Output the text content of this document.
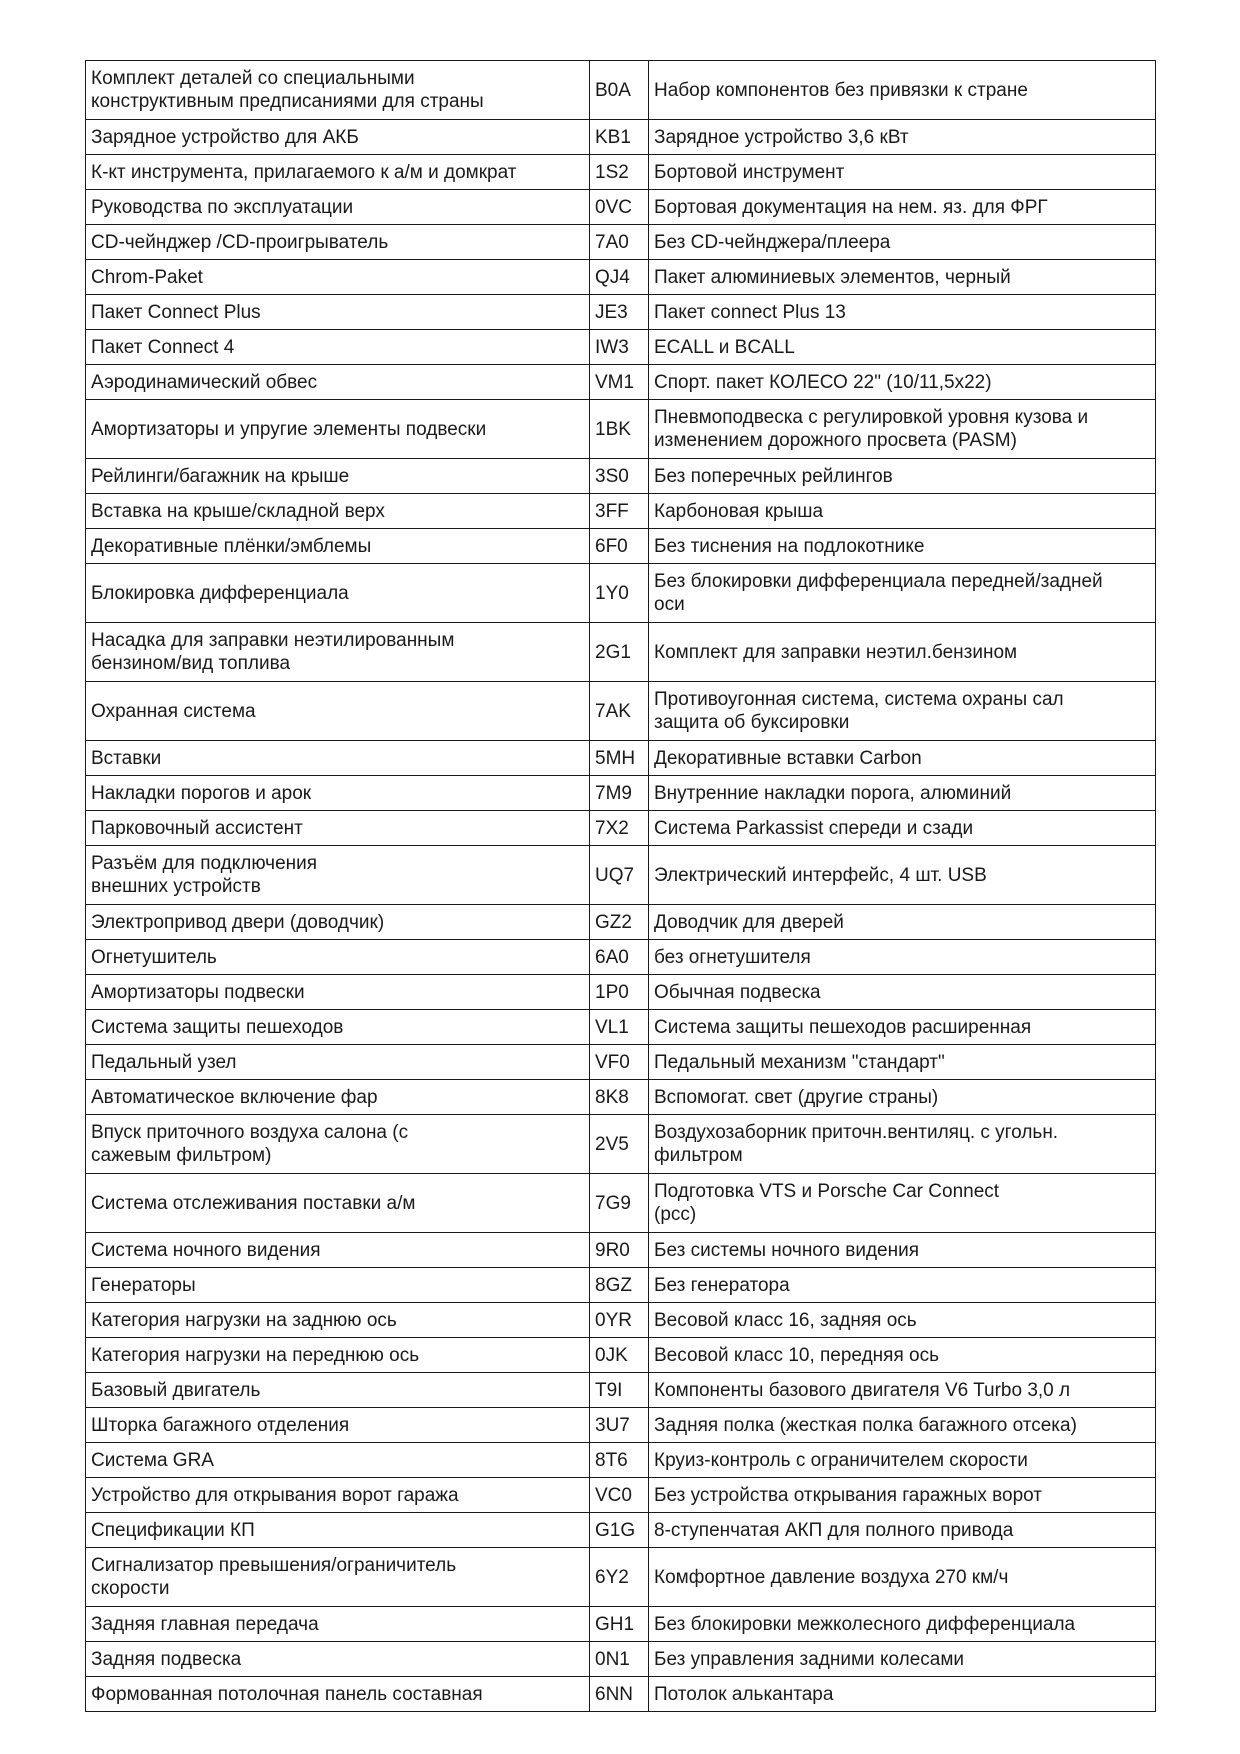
Комплект деталей со специальными
конструктивным предписаниями для страны	B0A	Набор компонентов без привязки к стране
Зарядное устройство для АКБ	KB1	Зарядное устройство 3,6 кВт
К-кт инструмента, прилагаемого к а/м и домкрат	1S2	Бортовой инструмент
Руководства по эксплуатации	0VC	Бортовая документация на нем. яз. для ФРГ
CD-чейнджер /CD-проигрыватель	7A0	Без CD-чейнджера/плеера
Chrom-Paket	QJ4	Пакет алюминиевых элементов, черный
Пакет Connect Plus	JE3	Пакет connect Plus 13
Пакет Connect 4	IW3	ECALL и BCALL
Аэродинамический обвес	VM1	Спорт. пакет КОЛЕСО 22" (10/11,5x22)
Амортизаторы и упругие элементы подвески	1BK	Пневмоподвеска с регулировкой уровня кузова и
изменением дорожного просвета (PASM)
Рейлинги/багажник на крыше	3S0	Без поперечных рейлингов
Вставка на крыше/складной верх	3FF	Карбоновая крыша
Декоративные плёнки/эмблемы	6F0	Без тиснения на подлокотнике
Блокировка дифференциала	1Y0	Без блокировки дифференциала передней/задней
оси
Насадка для заправки неэтилированным
бензином/вид топлива	2G1	Комплект для заправки неэтил.бензином
Охранная система	7AK	Противоугонная система, система охраны сал
защита об буксировки
Вставки	5MH	Декоративные вставки Carbon
Накладки порогов и арок	7M9	Внутренние накладки порога, алюминий
Парковочный ассистент	7X2	Система Parkassist спереди и сзади
Разъём для подключения
внешних устройств	UQ7	Электрический интерфейс, 4 шт. USB
Электропривод двери (доводчик)	GZ2	Доводчик для дверей
Огнетушитель	6A0	без огнетушителя
Амортизаторы подвески	1P0	Обычная подвеска
Система защиты пешеходов	VL1	Система защиты пешеходов расширенная
Педальный узел	VF0	Педальный механизм "стандарт"
Автоматическое включение фар	8K8	Вспомогат. свет (другие страны)
Впуск приточного воздуха салона (с
сажевым фильтром)	2V5	Воздухозаборник приточн.вентиляц. с угольн.
фильтром
Система отслеживания поставки а/м	7G9	Подготовка VTS и Porsche Car Connect
(pcc)
Система ночного видения	9R0	Без системы ночного видения
Генераторы	8GZ	Без генератора
Категория нагрузки на заднюю ось	0YR	Весовой класс 16, задняя ось
Категория нагрузки на переднюю ось	0JK	Весовой класс 10, передняя ось
Базовый двигатель	T9I	Компоненты базового двигателя V6 Turbo 3,0 л
Шторка багажного отделения	3U7	Задняя полка (жесткая полка багажного отсека)
Система GRA	8T6	Круиз-контроль с ограничителем скорости
Устройство для открывания ворот гаража	VC0	Без устройства открывания гаражных ворот
Спецификации КП	G1G	8-ступенчатая АКП для полного привода
Сигнализатор превышения/ограничитель
скорости	6Y2	Комфортное давление воздуха 270 км/ч
Задняя главная передача	GH1	Без блокировки межколесного дифференциала
Задняя подвеска	0N1	Без управления задними колесами
Формованная потолочная панель составная	6NN	Потолок алькантара
